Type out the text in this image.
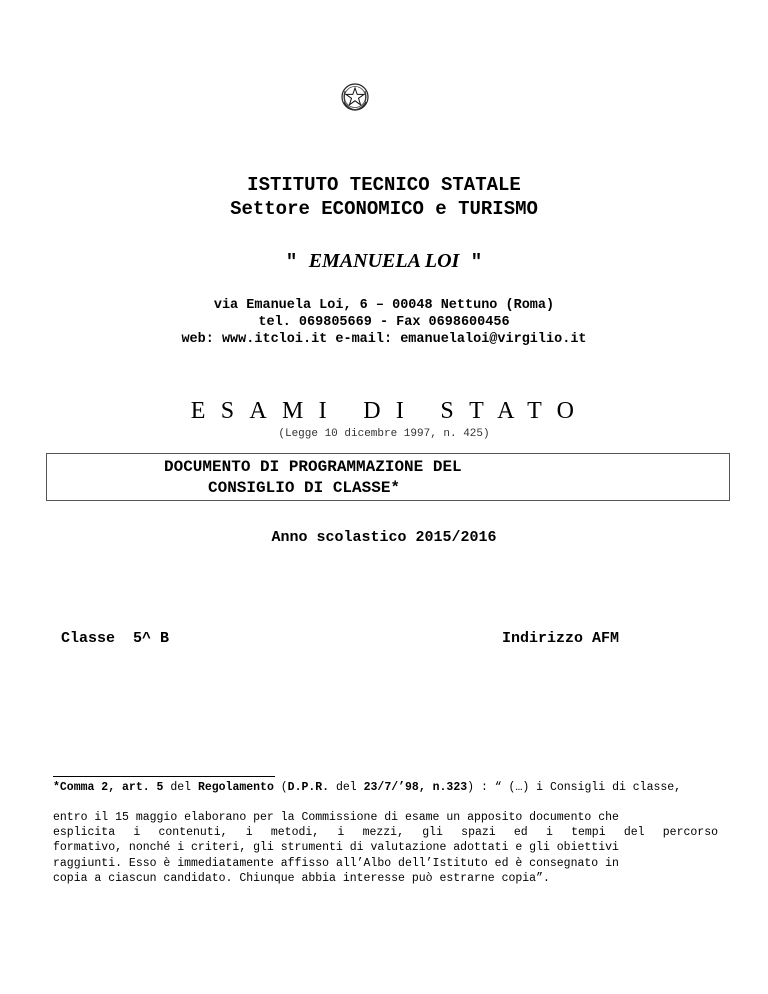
ISTITUTO TECNICO STATALE
Settore ECONOMICO e TURISMO
" EMANUELA LOI "
via Emanuela Loi, 6 – 00048 Nettuno (Roma)
tel. 069805669 - Fax 0698600456
web: www.itcloi.it e-mail: emanuelaloi@virgilio.it
ESAMI DI STATO
(Legge 10 dicembre 1997, n. 425)
DOCUMENTO DI PROGRAMMAZIONE DEL
CONSIGLIO DI CLASSE*
Anno scolastico 2015/2016
Classe  5^ B	Indirizzo AFM
*Comma 2, art. 5 del Regolamento (D.P.R. del 23/7/’98, n.323) : “ (…) i Consigli di classe,
entro il 15 maggio elaborano per la Commissione di esame un apposito documento che
esplicita i contenuti, i metodi, i mezzi, gli spazi ed i tempi del percorso
formativo, nonché i criteri, gli strumenti di valutazione adottati e gli obiettivi
raggiunti. Esso è immediatamente affisso all’Albo dell’Istituto ed è consegnato in
copia a ciascun candidato. Chiunque abbia interesse può estrarne copia”.
